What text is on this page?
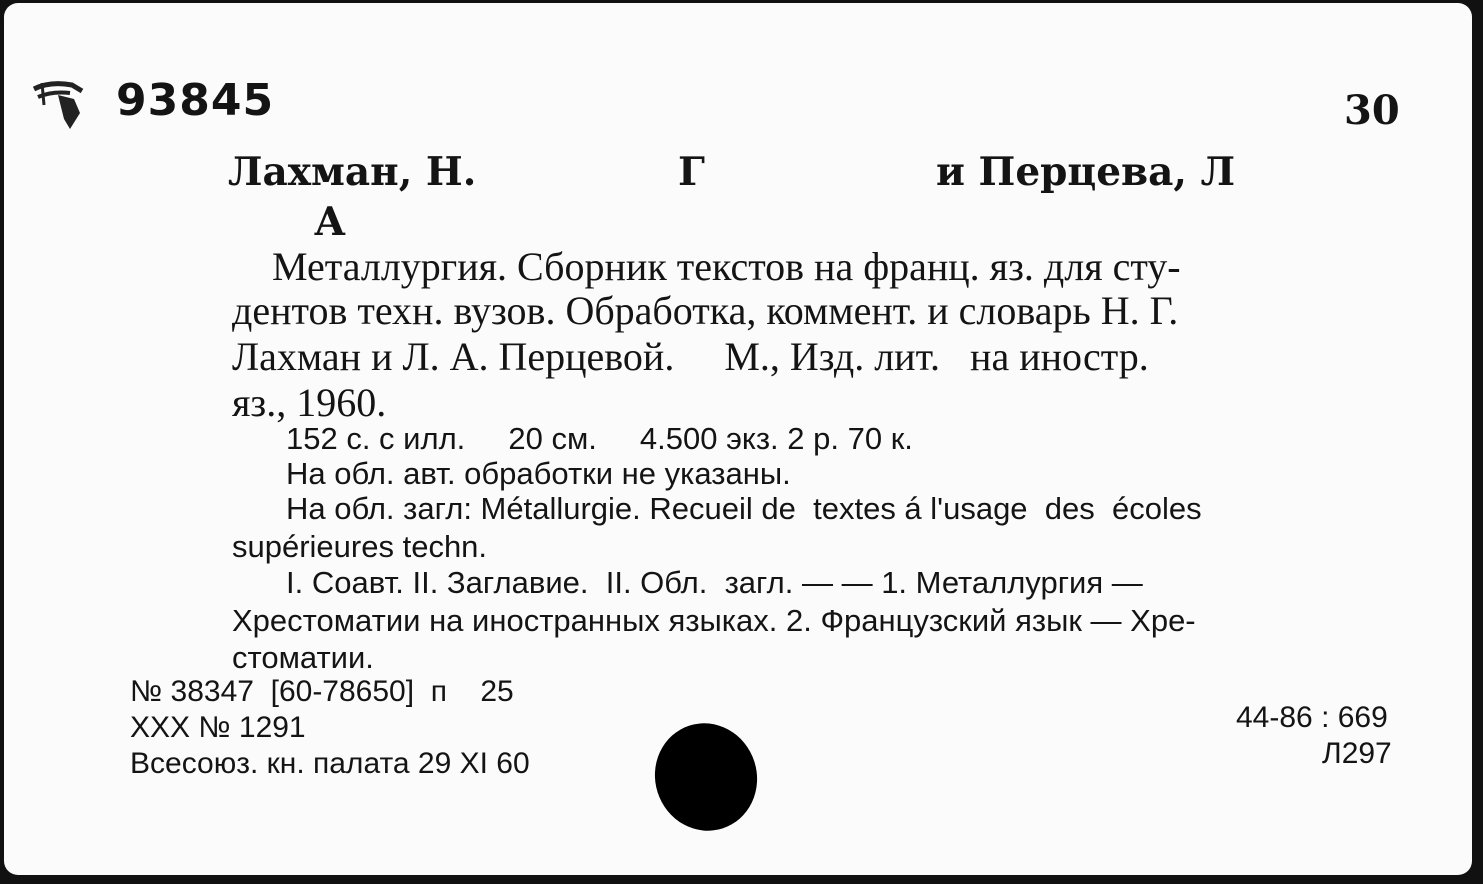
93845	30
Лахман, Н.	Г	и Перцева, Л
А
Металлургия. Сборник текстов на франц. яз. для сту-
дентов техн. вузов. Обработка, коммент. и словарь Н. Г.
Лахман и Л. А. Перцевой.     М., Изд. лит.   на иностр.
яз., 1960.
152 с. с илл.     20 см.     4.500 экз. 2 р. 70 к.
На обл. авт. обработки не указаны.
На обл. загл: Métallurgie. Recueil de  textes á l'usage  des  écoles
supérieures techn.
I. Соавт. II. Заглавие.  II. Обл.  загл. — — 1. Металлургия —
Хрестоматии на иностранных языках. 2. Французский язык — Хре-
стоматии.
№ 38347  [60-78650]  п    25
XXX № 1291
Всесоюз. кн. палата 29 XI 60
44-86 : 669
Л297
